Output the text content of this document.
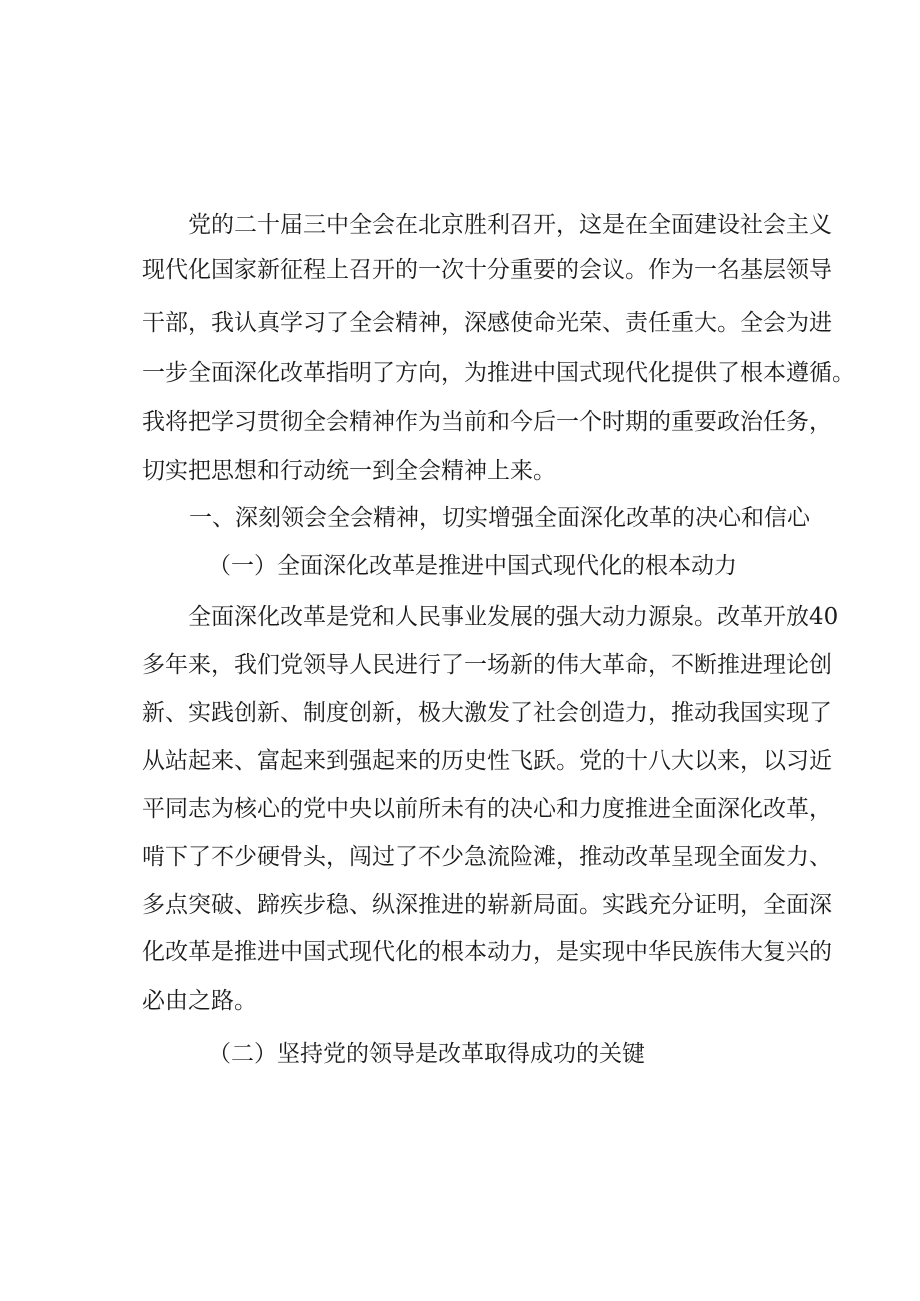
党的二十届三中全会在北京胜利召开，这是在全面建设社会主义

现代化国家新征程上召开的一次十分重要的会议。作为一名基层领导

干部，我认真学习了全会精神，深感使命光荣、责任重大。全会为进

一步全面深化改革指明了方向，为推进中国式现代化提供了根本遵循。

我将把学习贯彻全会精神作为当前和今后一个时期的重要政治任务，

切实把思想和行动统一到全会精神上来。

一、深刻领会全会精神，切实增强全面深化改革的决心和信心

（一）全面深化改革是推进中国式现代化的根本动力

全面深化改革是党和人民事业发展的强大动力源泉。改革开放40

多年来，我们党领导人民进行了一场新的伟大革命，不断推进理论创

新、实践创新、制度创新，极大激发了社会创造力，推动我国实现了

从站起来、富起来到强起来的历史性飞跃。党的十八大以来，以习近

平同志为核心的党中央以前所未有的决心和力度推进全面深化改革，

啃下了不少硬骨头，闯过了不少急流险滩，推动改革呈现全面发力、

多点突破、蹄疾步稳、纵深推进的崭新局面。实践充分证明，全面深

化改革是推进中国式现代化的根本动力，是实现中华民族伟大复兴的

必由之路。

（二）坚持党的领导是改革取得成功的关键
